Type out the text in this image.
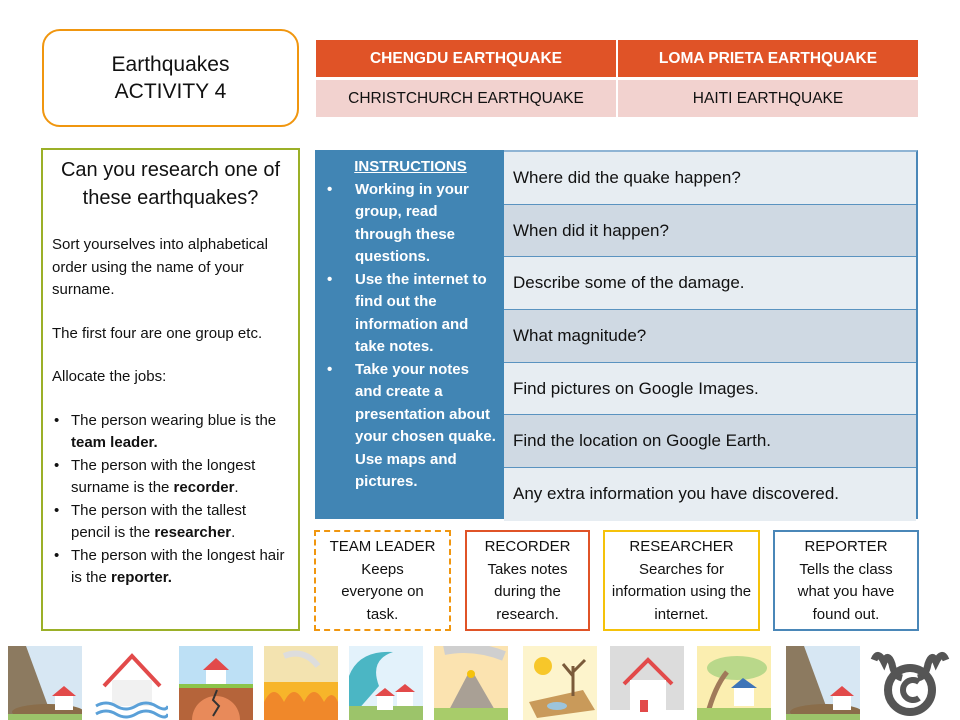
Earthquakes
ACTIVITY 4
CHENGDU EARTHQUAKE	LOMA PRIETA EARTHQUAKE
CHRISTCHURCH EARTHQUAKE	HAITI EARTHQUAKE
Can you research one of these earthquakes?

Sort yourselves into alphabetical order using the name of your surname.

The first four are one group etc.

Allocate the jobs:

• The person wearing blue is the team leader.
• The person with the longest surname is the recorder.
• The person with the tallest pencil is the researcher.
• The person with the longest hair is the reporter.
INSTRUCTIONS
• Working in your group, read through these questions.
• Use the internet to find out the information and take notes.
• Take your notes and create a presentation about your chosen quake. Use maps and pictures.
Where did the quake happen?
When did it happen?
Describe some of the damage.
What magnitude?
Find pictures on Google Images.
Find the location on Google Earth.
Any extra information you have discovered.
TEAM LEADER
Keeps everyone on task.
RECORDER
Takes notes during the research.
RESEARCHER
Searches for information using the internet.
REPORTER
Tells the class what you have found out.
